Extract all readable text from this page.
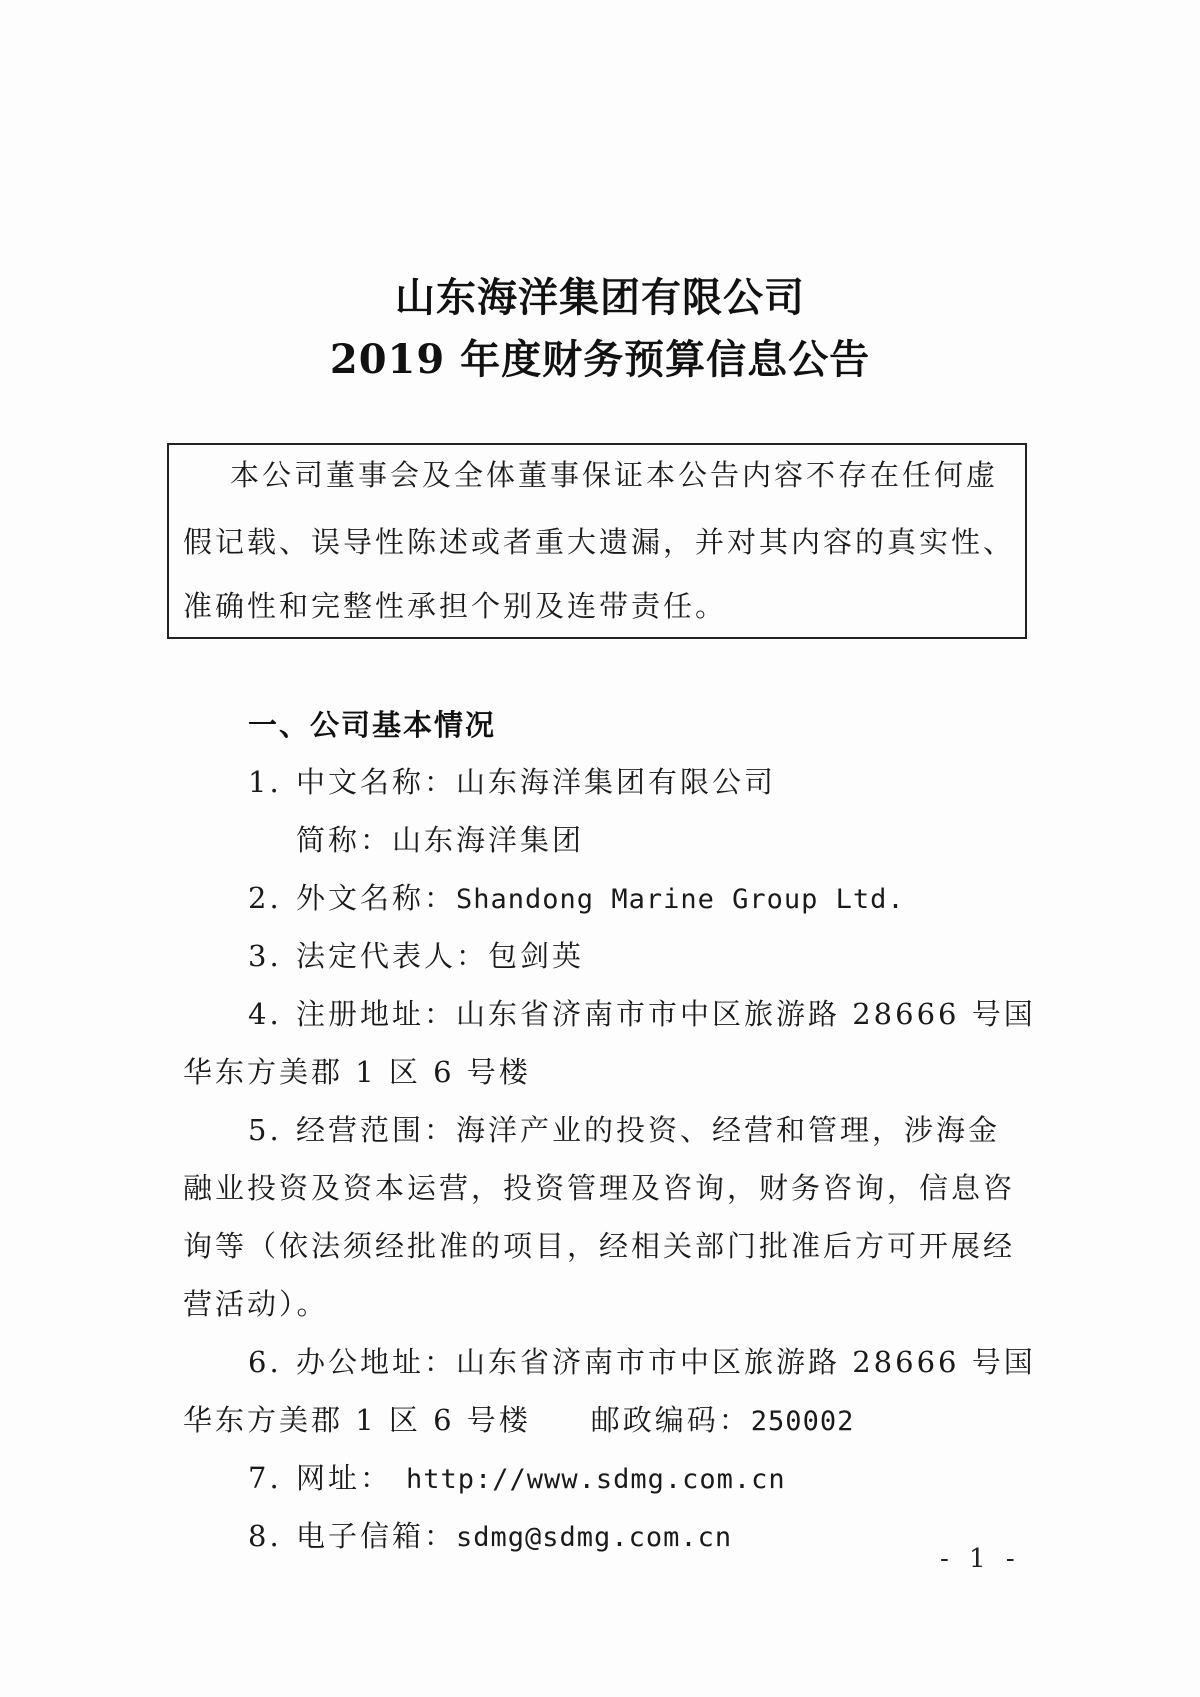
山东海洋集团有限公司
2019 年度财务预算信息公告
本公司董事会及全体董事保证本公告内容不存在任何虚
假记载、误导性陈述或者重大遗漏，并对其内容的真实性、
准确性和完整性承担个别及连带责任。
一、公司基本情况
1. 中文名称：山东海洋集团有限公司
简称：山东海洋集团
2. 外文名称：Shandong Marine Group Ltd.
3. 法定代表人：包剑英
4. 注册地址：山东省济南市市中区旅游路 28666 号国
华东方美郡 1 区 6 号楼
5. 经营范围：海洋产业的投资、经营和管理，涉海金
融业投资及资本运营，投资管理及咨询，财务咨询，信息咨
询等（依法须经批准的项目，经相关部门批准后方可开展经
营活动）。
6. 办公地址：山东省济南市市中区旅游路 28666 号国
华东方美郡 1 区 6 号楼 邮政编码：250002
7. 网址： http://www.sdmg.com.cn
8. 电子信箱：sdmg@sdmg.com.cn
- 1 -
